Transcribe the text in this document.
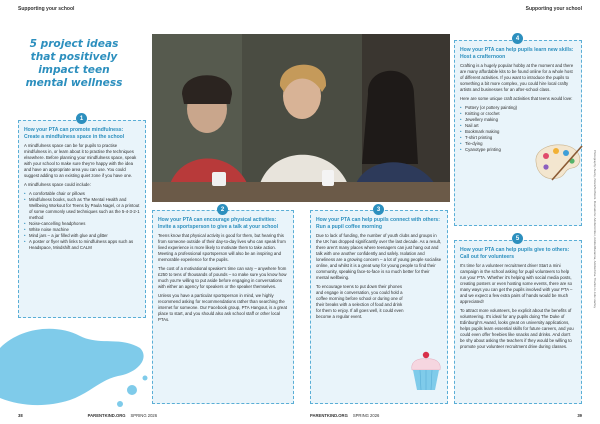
Supporting your school
5 project ideas that positively impact teen mental wellness
How your PTA can promote mindfulness: Create a mindfulness space in the school

A mindfulness space can be for pupils to practise mindfulness in, or learn about it to practise the techniques elsewhere. Before planning your mindfulness space, speak with your school to make sure they're happy with the idea and have an appropriate area you can use. You could suggest adding to an existing quiet zone if you have one.

A mindfulness space could include:

• A comfortable chair or pillows
• Mindfulness books, such as The Mental Health and Wellbeing Workout for Teens by Paula Nagel, or a printout of some commonly used techniques such as the 5-4-3-2-1 method
• Noise-cancelling headphones
• White noise machine
• Mind jars – a jar filled with glue and glitter
• A poster or flyer with links to mindfulness apps such as Headspace, Mindshift and CALM
1
How your PTA can encourage physical activities: Invite a sportsperson to give a talk at your school

Teens know that physical activity is good for them, but hearing this from someone outside of their day-to-day lives who can speak from lived experience is more likely to motivate them to take action. Meeting a professional sportsperson will also be an inspiring and memorable experience for the pupils.

The cost of a motivational speaker's time can vary – anywhere from £250 to tens of thousands of pounds – so make sure you know how much you're willing to put aside before engaging in conversations with either an agency for speakers or the speaker themselves.

Unless you have a particular sportsperson in mind, we highly recommend asking for recommendations rather than searching the internet for someone. Our Facebook group, PTA Hangout, is a great place to start, and you should also ask school staff or other local PTAs.

2
38	PARENTKIND.ORG SPRING 2026
Supporting your school
How your PTA can help pupils learn new skills: Host a crafternoon

Crafting is a hugely popular hobby at the moment and there are many affordable kits to be found online for a whole host of different activities. If you want to introduce the pupils to something a bit more complex, you could hire local crafty artists and businesses for an after-school class.

Here are some unique craft activities that teens would love:

• Pottery (or pottery painting)
• Knitting or crochet
• Jewellery making
• Nail art
• Bookmark making
• T-shirt printing
• Tie-dying
• Cyanotype printing
4
How your PTA can help pupils connect with others: Run a pupil coffee morning

Due to lack of funding, the number of youth clubs and groups in the UK has dropped significantly over the last decade. As a result, there aren't many places where teenagers can just hang out and talk with one another confidently and safely. Isolation and loneliness are a growing concern – a lot of young people socialise online, and whilst it is a great way for young people to find their community, speaking face-to-face is so much better for their mental wellbeing.

To encourage teens to put down their phones and engage in conversation, you could hold a coffee morning before school or during one of their breaks with a selection of food and drink for them to enjoy. If all goes well, it could even become a regular event.

3
How your PTA can help pupils give to others: Call out for volunteers

It's time for a volunteer recruitment drive! Start a mini campaign in the school asking for pupil volunteers to help run your PTA. Whether it's helping with social media posts, creating posters or even hosting some events, there are so many ways you can get the pupils involved with your PTA – and we expect a few extra pairs of hands would be much appreciated!

To attract more volunteers, be explicit about the benefits of volunteering. It's ideal for any pupils doing The Duke of Edinburgh's Award, looks great on university applications, helps pupils learn essential skills for future careers, and you could even offer freebies like snacks and drinks. And don't be shy about asking the teachers if they would be willing to promote your volunteer recruitment drive during classes.

5	Photography: Alamy, iStock/SolStock. Illustrations: Adobe/Amber, Adobe/Marianna, Adobe/Irina. Thanks to Julie Hartley
PARENTKIND.ORG SPRING 2026	39
